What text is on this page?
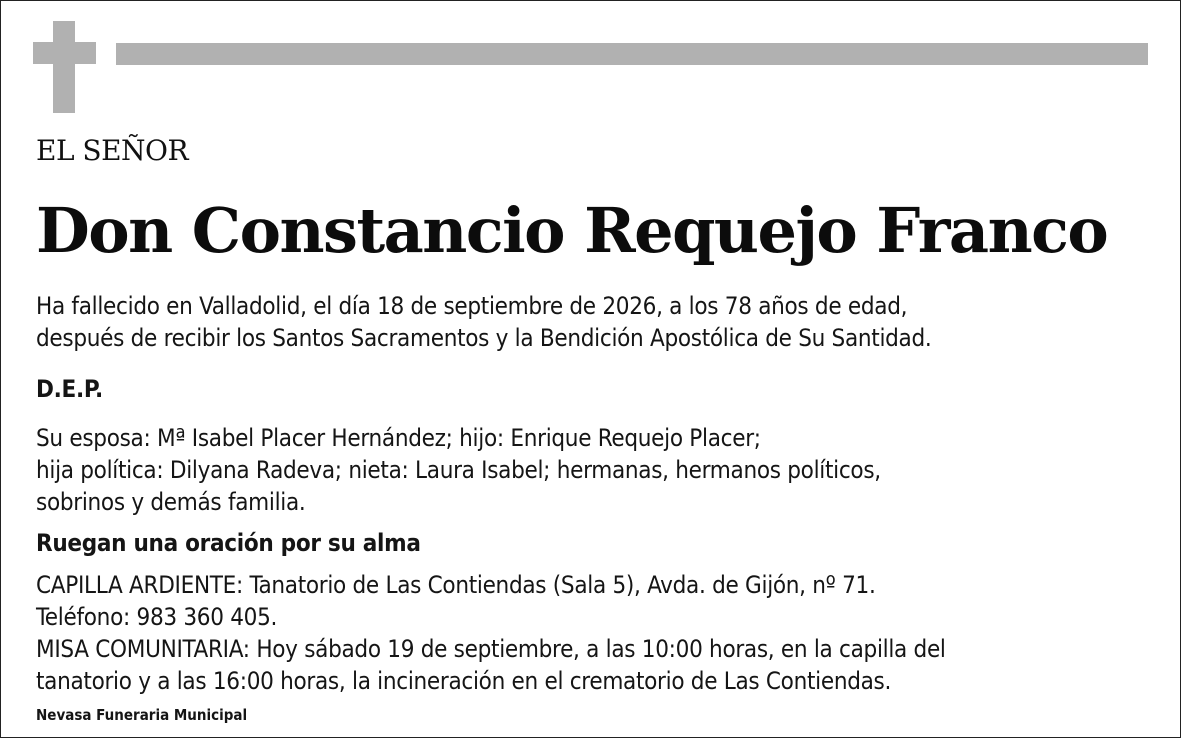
EL SEÑOR
Don Constancio Requejo Franco
Ha fallecido en Valladolid, el día 18 de septiembre de 2026, a los 78 años de edad,
después de recibir los Santos Sacramentos y la Bendición Apostólica de Su Santidad.
D.E.P.
Su esposa: Mª Isabel Placer Hernández; hijo: Enrique Requejo Placer;
hija política: Dilyana Radeva; nieta: Laura Isabel; hermanas, hermanos políticos,
sobrinos y demás familia.
Ruegan una oración por su alma
CAPILLA ARDIENTE: Tanatorio de Las Contiendas (Sala 5), Avda. de Gijón, nº 71.
Teléfono: 983 360 405.
MISA COMUNITARIA: Hoy sábado 19 de septiembre, a las 10:00 horas, en la capilla del
tanatorio y a las 16:00 horas, la incineración en el crematorio de Las Contiendas.
Nevasa Funeraria Municipal
